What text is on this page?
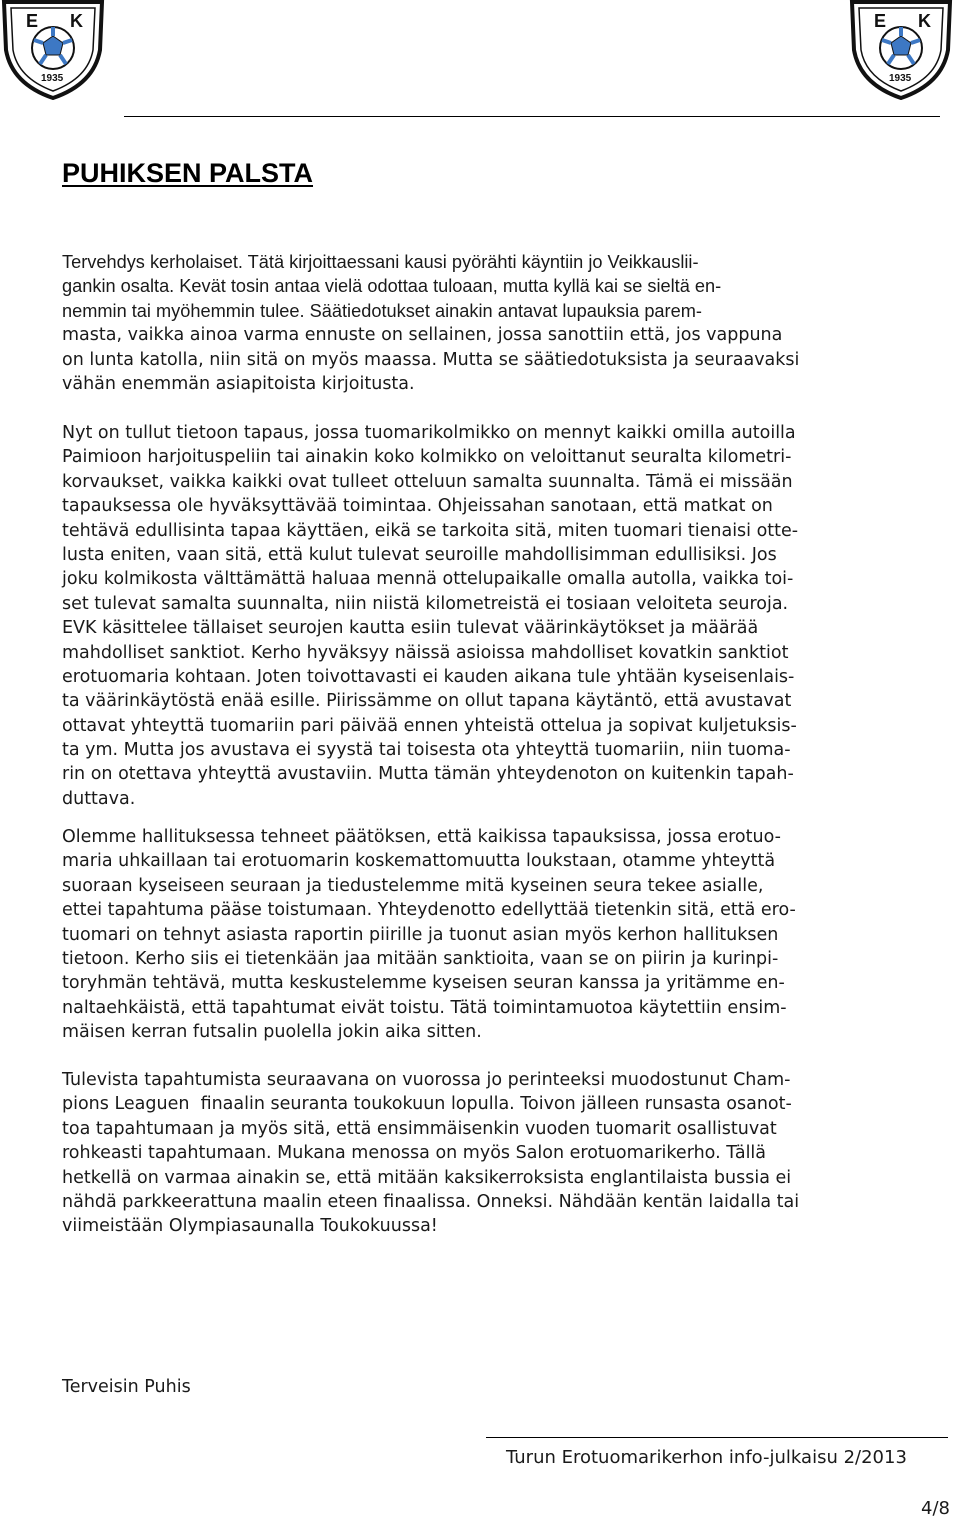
E K
1935
E K
1935
PUHIKSEN PALSTA
Tervehdys kerholaiset. Tätä kirjoittaessani kausi pyörähti käyntiin jo Veikkauslii-
gankin osalta. Kevät tosin antaa vielä odottaa tuloaan, mutta kyllä kai se sieltä en-
nemmin tai myöhemmin tulee. Säätiedotukset ainakin antavat lupauksia parem-
masta, vaikka ainoa varma ennuste on sellainen, jossa sanottiin että, jos vappuna
on lunta katolla, niin sitä on myös maassa. Mutta se säätiedotuksista ja seuraavaksi
vähän enemmän asiapitoista kirjoitusta.
Nyt on tullut tietoon tapaus, jossa tuomarikolmikko on mennyt kaikki omilla autoilla
Paimioon harjoituspeliin tai ainakin koko kolmikko on veloittanut seuralta kilometri-
korvaukset, vaikka kaikki ovat tulleet otteluun samalta suunnalta. Tämä ei missään
tapauksessa ole hyväksyttävää toimintaa. Ohjeissahan sanotaan, että matkat on
tehtävä edullisinta tapaa käyttäen, eikä se tarkoita sitä, miten tuomari tienaisi otte-
lusta eniten, vaan sitä, että kulut tulevat seuroille mahdollisimman edullisiksi. Jos
joku kolmikosta välttämättä haluaa mennä ottelupaikalle omalla autolla, vaikka toi-
set tulevat samalta suunnalta, niin niistä kilometreistä ei tosiaan veloiteta seuroja.
EVK käsittelee tällaiset seurojen kautta esiin tulevat väärinkäytökset ja määrää
mahdolliset sanktiot. Kerho hyväksyy näissä asioissa mahdolliset kovatkin sanktiot
erotuomaria kohtaan. Joten toivottavasti ei kauden aikana tule yhtään kyseisenlais-
ta väärinkäytöstä enää esille. Piirissämme on ollut tapana käytäntö, että avustavat
ottavat yhteyttä tuomariin pari päivää ennen yhteistä ottelua ja sopivat kuljetuksis-
ta ym. Mutta jos avustava ei syystä tai toisesta ota yhteyttä tuomariin, niin tuoma-
rin on otettava yhteyttä avustaviin. Mutta tämän yhteydenoton on kuitenkin tapah-
duttava.
Olemme hallituksessa tehneet päätöksen, että kaikissa tapauksissa, jossa erotuo-
maria uhkaillaan tai erotuomarin koskemattomuutta loukstaan, otamme yhteyttä
suoraan kyseiseen seuraan ja tiedustelemme mitä kyseinen seura tekee asialle,
ettei tapahtuma pääse toistumaan. Yhteydenotto edellyttää tietenkin sitä, että ero-
tuomari on tehnyt asiasta raportin piirille ja tuonut asian myös kerhon hallituksen
tietoon. Kerho siis ei tietenkään jaa mitään sanktioita, vaan se on piirin ja kurinpi-
toryhmän tehtävä, mutta keskustelemme kyseisen seuran kanssa ja yritämme en-
naltaehkäistä, että tapahtumat eivät toistu. Tätä toimintamuotoa käytettiin ensim-
mäisen kerran futsalin puolella jokin aika sitten.
Tulevista tapahtumista seuraavana on vuorossa jo perinteeksi muodostunut Cham-
pions Leaguen  finaalin seuranta toukokuun lopulla. Toivon jälleen runsasta osanot-
toa tapahtumaan ja myös sitä, että ensimmäisenkin vuoden tuomarit osallistuvat
rohkeasti tapahtumaan. Mukana menossa on myös Salon erotuomarikerho. Tällä
hetkellä on varmaa ainakin se, että mitään kaksikerroksista englantilaista bussia ei
nähdä parkkeerattuna maalin eteen finaalissa. Onneksi. Nähdään kentän laidalla tai
viimeistään Olympiasaunalla Toukokuussa!

Terveisin Puhis

Turun Erotuomarikerhon info-julkaisu 2/2013

4/8
